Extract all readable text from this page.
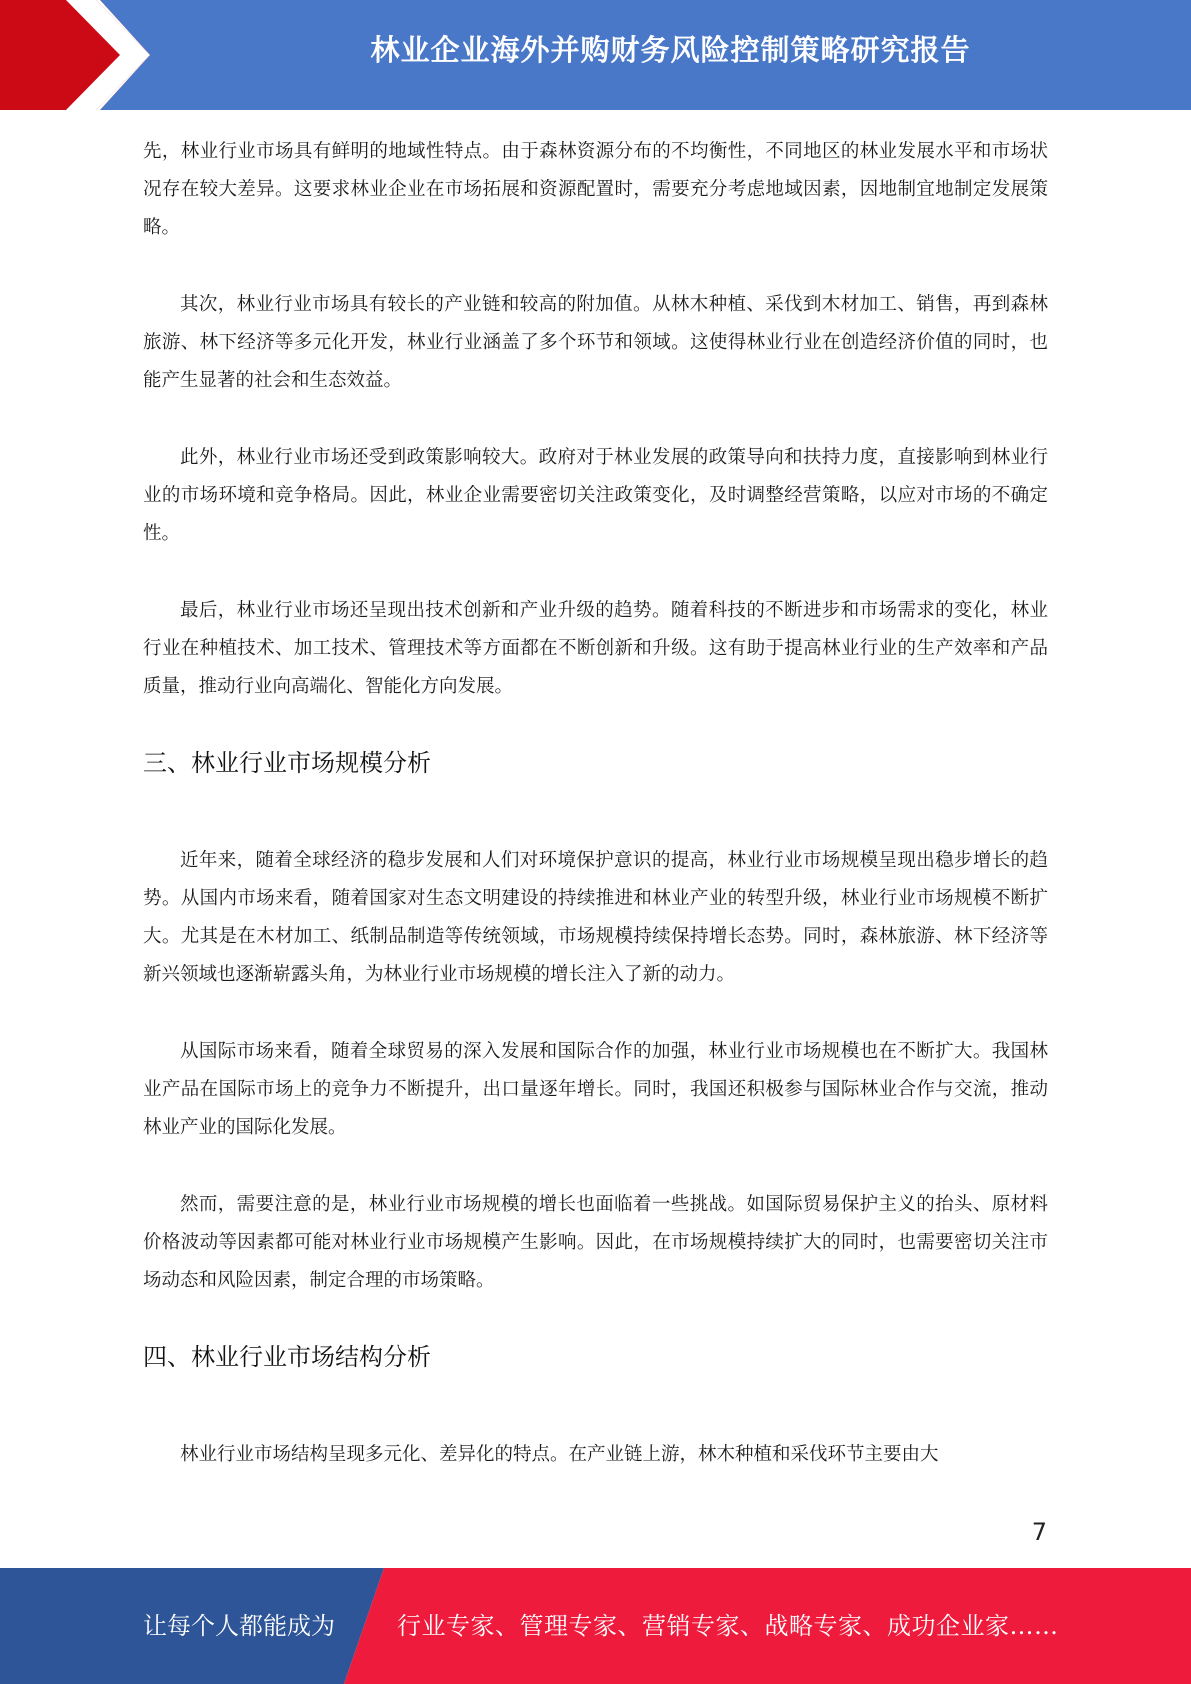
林业企业海外并购财务风险控制策略研究报告

先，林业行业市场具有鲜明的地域性特点。由于森林资源分布的不均衡性，不同地区的林业发展水平和市场状况存在较大差异。这要求林业企业在市场拓展和资源配置时，需要充分考虑地域因素，因地制宜地制定发展策略。

其次，林业行业市场具有较长的产业链和较高的附加值。从林木种植、采伐到木材加工、销售，再到森林旅游、林下经济等多元化开发，林业行业涵盖了多个环节和领域。这使得林业行业在创造经济价值的同时，也能产生显著的社会和生态效益。

此外，林业行业市场还受到政策影响较大。政府对于林业发展的政策导向和扶持力度，直接影响到林业行业的市场环境和竞争格局。因此，林业企业需要密切关注政策变化，及时调整经营策略，以应对市场的不确定性。

最后，林业行业市场还呈现出技术创新和产业升级的趋势。随着科技的不断进步和市场需求的变化，林业行业在种植技术、加工技术、管理技术等方面都在不断创新和升级。这有助于提高林业行业的生产效率和产品质量，推动行业向高端化、智能化方向发展。

三、林业行业市场规模分析

近年来，随着全球经济的稳步发展和人们对环境保护意识的提高，林业行业市场规模呈现出稳步增长的趋势。从国内市场来看，随着国家对生态文明建设的持续推进和林业产业的转型升级，林业行业市场规模不断扩大。尤其是在木材加工、纸制品制造等传统领域，市场规模持续保持增长态势。同时，森林旅游、林下经济等新兴领域也逐渐崭露头角，为林业行业市场规模的增长注入了新的动力。

从国际市场来看，随着全球贸易的深入发展和国际合作的加强，林业行业市场规模也在不断扩大。我国林业产品在国际市场上的竞争力不断提升，出口量逐年增长。同时，我国还积极参与国际林业合作与交流，推动林业产业的国际化发展。

然而，需要注意的是，林业行业市场规模的增长也面临着一些挑战。如国际贸易保护主义的抬头、原材料价格波动等因素都可能对林业行业市场规模产生影响。因此，在市场规模持续扩大的同时，也需要密切关注市场动态和风险因素，制定合理的市场策略。

四、林业行业市场结构分析

林业行业市场结构呈现多元化、差异化的特点。在产业链上游，林木种植和采伐环节主要由大

7
让每个人都能成为	行业专家、管理专家、营销专家、战略专家、成功企业家……
